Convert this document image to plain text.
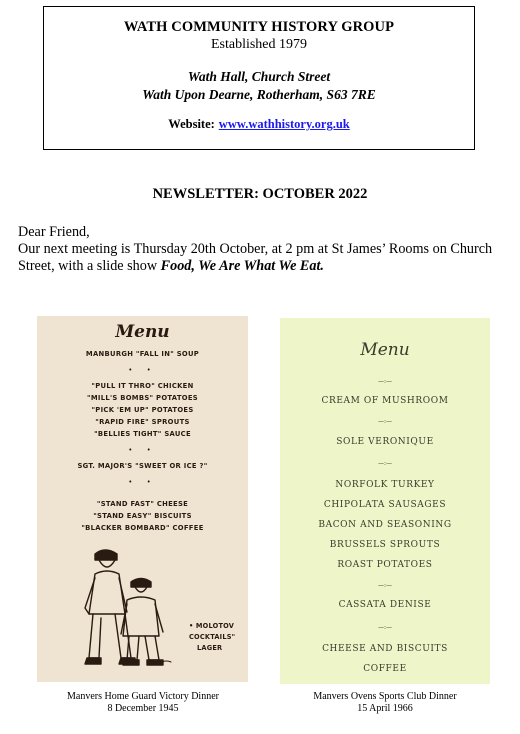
WATH COMMUNITY HISTORY GROUP
Established 1979
Wath Hall, Church Street
Wath Upon Dearne, Rotherham, S63 7RE
Website: www.wathhistory.org.uk
NEWSLETTER: OCTOBER 2022

Dear Friend,

Our next meeting is Thursday 20th October, at 2 pm at St James’ Rooms on Church Street, with a slide show Food, We Are What We Eat.

Menu
MANBURGH "FALL IN" SOUP
• •
"PULL IT THRO" CHICKEN
"MILL'S BOMBS" POTATOES
"PICK 'EM UP" POTATOES
"RAPID FIRE" SPROUTS
"BELLIES TIGHT" SAUCE
• •
SGT. MAJOR'S "SWEET OR ICE ?"
• •
"STAND FAST" CHEESE
"STAND EASY" BISCUITS
"BLACKER BOMBARD" COFFEE
• MOLOTOV
COCKTAILS"
LAGER
Menu
—:—
CREAM OF MUSHROOM
—:—
SOLE VERONIQUE
—:—
NORFOLK TURKEY
CHIPOLATA SAUSAGES
BACON AND SEASONING
BRUSSELS SPROUTS
ROAST POTATOES
—:—
CASSATA DENISE
—:—
CHEESE AND BISCUITS
COFFEE
Manvers Home Guard Victory Dinner
8 December 1945
Manvers Ovens Sports Club Dinner
15 April 1966
